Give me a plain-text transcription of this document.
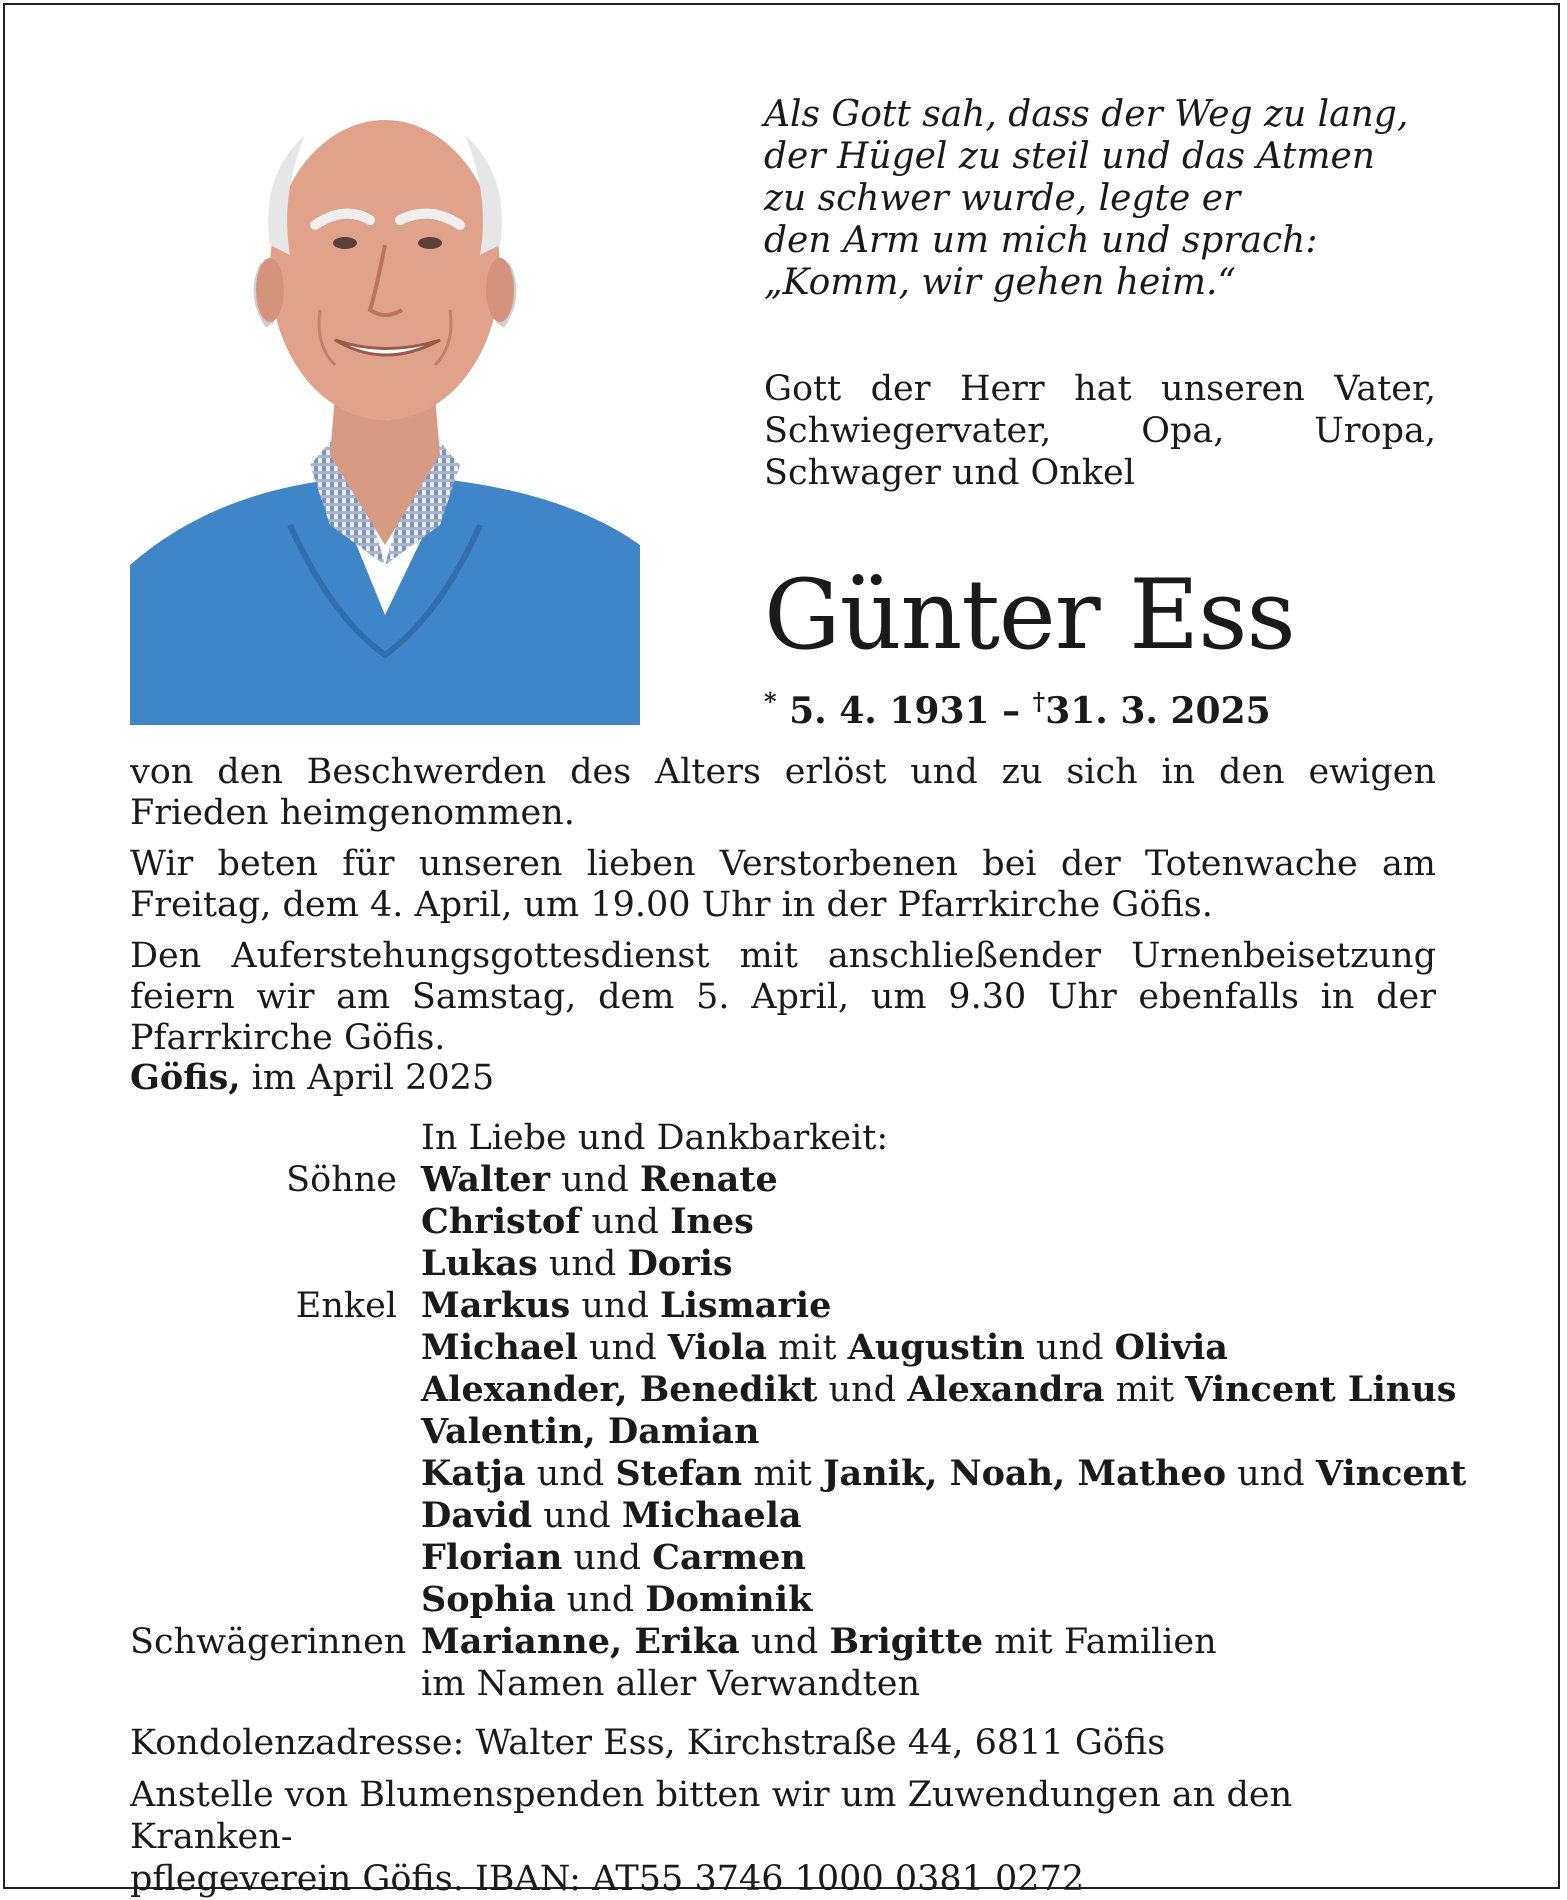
Als Gott sah, dass der Weg zu lang,
der Hügel zu steil und das Atmen
zu schwer wurde, legte er
den Arm um mich und sprach:
„Komm, wir gehen heim.“
Gott der Herr hat unseren Vater, Schwiegervater, Opa, Uropa, Schwager und Onkel
Günter Ess
* 5. 4. 1931 – †31. 3. 2025

von den Beschwerden des Alters erlöst und zu sich in den ewigen Frieden heimgenommen.

Wir beten für unseren lieben Verstorbenen bei der Totenwache am Freitag, dem 4. April, um 19.00 Uhr in der Pfarrkirche Göfis.

Den Auferstehungsgottesdienst mit anschließender Urnenbeisetzung feiern wir am Samstag, dem 5. April, um 9.30 Uhr ebenfalls in der Pfarrkirche Göfis.

Göfis, im April 2025
In Liebe und Dankbarkeit:
Söhne Walter und Renate
Christof und Ines
Lukas und Doris
Enkel Markus und Lismarie
Michael und Viola mit Augustin und Olivia
Alexander, Benedikt und Alexandra mit Vincent Linus
Valentin, Damian
Katja und Stefan mit Janik, Noah, Matheo und Vincent
David und Michaela
Florian und Carmen
Sophia und Dominik
Schwägerinnen Marianne, Erika und Brigitte mit Familien
im Namen aller Verwandten

Kondolenzadresse: Walter Ess, Kirchstraße 44, 6811 Göfis

Anstelle von Blumenspenden bitten wir um Zuwendungen an den Kranken-
pflegeverein Göfis. IBAN: AT55 3746 1000 0381 0272
